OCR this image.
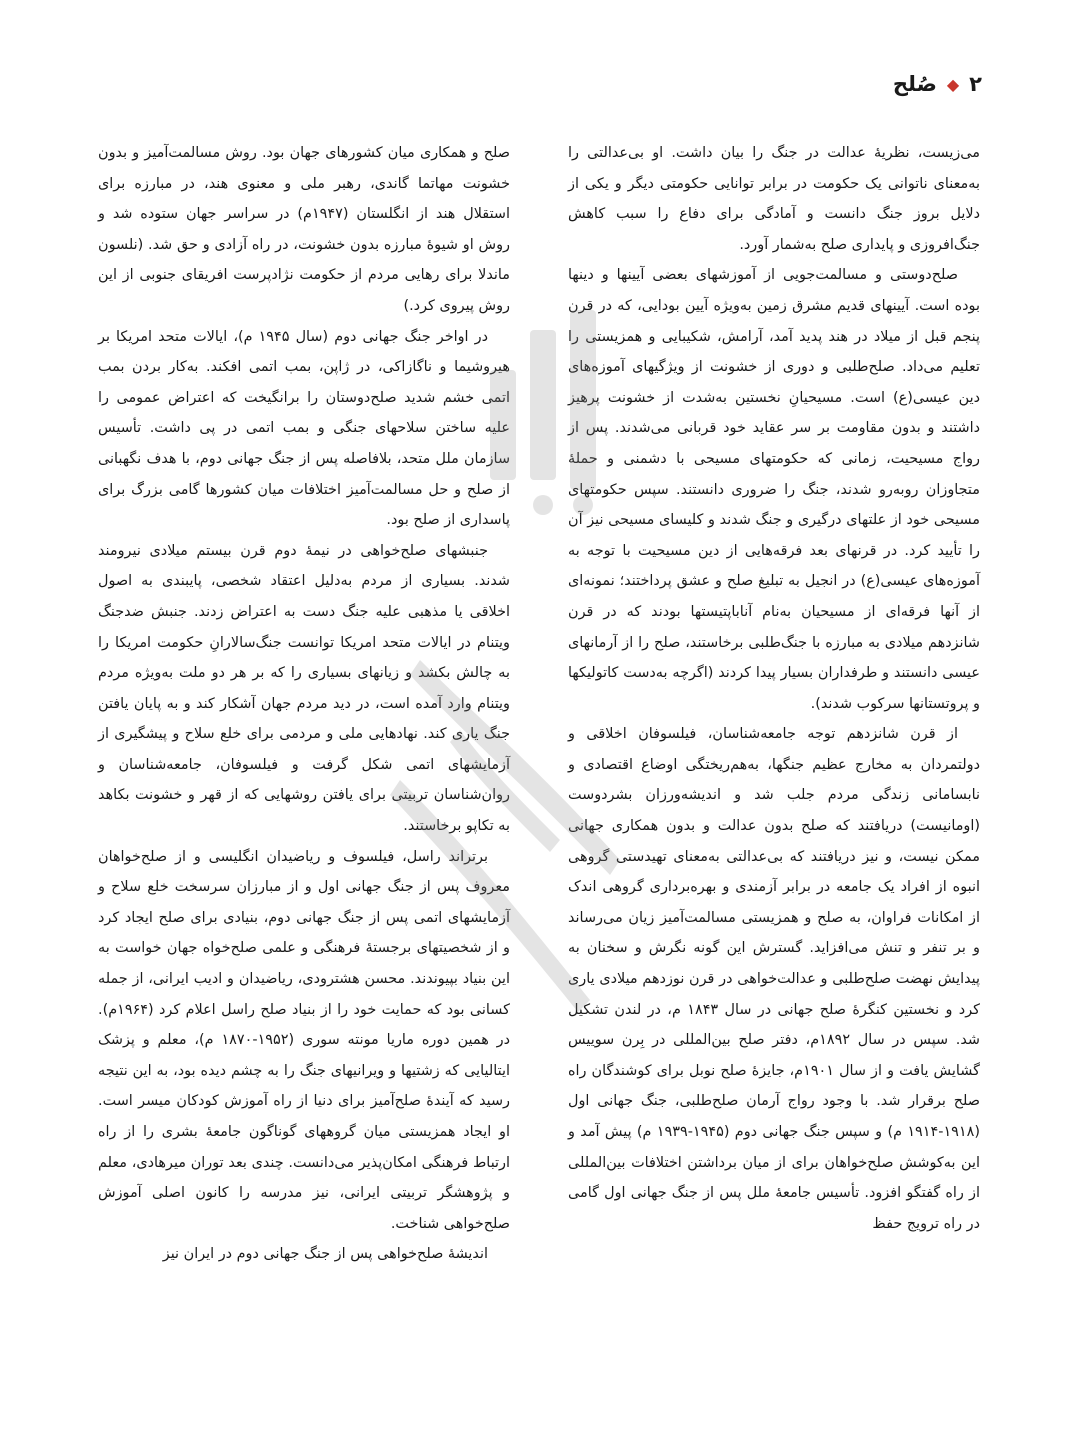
۲
◆
صُلح

می‌زیست، نظریهٔ عدالت در جنگ را بیان داشت. او بی‌عدالتی را به‌معنای ناتوانی یک حکومت در برابر توانایی حکومتی دیگر و یکی از دلایل بروز جنگ دانست و آمادگی برای دفاع را سبب کاهش جنگ‌افروزی و پایداری صلح به‌شمار آورد.

صلح‌دوستی و مسالمت‌جویی از آموزشهای بعضی آیینها و دینها بوده است. آیینهای قدیم مشرق زمین به‌ویژه آیین بودایی، که در قرن پنجم قبل از میلاد در هند پدید آمد، آرامش، شکیبایی و همزیستی را تعلیم می‌داد. صلح‌طلبی و دوری از خشونت از ویژگیهای آموزه‌های دین عیسی(ع) است. مسیحیانِ نخستین به‌شدت از خشونت پرهیز داشتند و بدون مقاومت بر سر عقاید خود قربانی می‌شدند. پس از رواج مسیحیت، زمانی که حکومتهای مسیحی با دشمنی و حملهٔ متجاوزان روبه‌رو شدند، جنگ را ضروری دانستند. سپس حکومتهای مسیحی خود از علتهای درگیری و جنگ شدند و کلیسای مسیحی نیز آن را تأیید کرد. در قرنهای بعد فرقه‌هایی از دین مسیحیت با توجه به آموزه‌های عیسی(ع) در انجیل به تبلیغ صلح و عشق پرداختند؛ نمونه‌ای از آنها فرقه‌ای از مسیحیان به‌نام آناباپتیستها بودند که در قرن شانزدهم میلادی به مبارزه با جنگ‌طلبی برخاستند، صلح را از آرمانهای عیسی دانستند و طرفداران بسیار پیدا کردند (اگرچه به‌دست کاتولیکها و پروتستانها سرکوب شدند).

از قرن شانزدهم توجه جامعه‌شناسان، فیلسوفان اخلاقی و دولتمردان به مخارج عظیم جنگها، به‌هم‌ریختگی اوضاع اقتصادی و نابسامانی زندگی مردم جلب شد و اندیشه‌ورزان بشردوست (اومانیست) دریافتند که صلح بدون عدالت و بدون همکاری جهانی ممکن نیست، و نیز دریافتند که بی‌عدالتی به‌معنای تهیدستی گروهی انبوه از افراد یک جامعه در برابر آزمندی و بهره‌برداری گروهی اندک از امکانات فراوان، به صلح و همزیستی مسالمت‌آمیز زیان می‌رساند و بر تنفر و تنش می‌افزاید. گسترش این گونه نگرش و سخنان به پیدایش نهضت صلح‌طلبی و عدالت‌خواهی در قرن نوزدهم میلادی یاری کرد و نخستین کنگرهٔ صلح جهانی در سال ۱۸۴۳ م، در لندن تشکیل شد. سپس در سال ۱۸۹۲م، دفتر صلح بین‌المللی در بِرن سوییس گشایش یافت و از سال ۱۹۰۱م، جایزهٔ صلح نوبل برای کوشندگان راه صلح برقرار شد. با وجود رواج آرمان صلح‌طلبی، جنگ جهانی اول (۱۹۱۸-۱۹۱۴ م) و سپس جنگ جهانی دوم (۱۹۴۵-۱۹۳۹ م) پیش آمد و این به‌کوشش صلح‌خواهان برای از میان برداشتن اختلافات بین‌المللی از راه گفتگو افزود. تأسیس جامعهٔ ملل پس از جنگ جهانی اول گامی در راه ترویج حفظ

صلح و همکاری میان کشورهای جهان بود. روش مسالمت‌آمیز و بدون خشونت مهاتما گاندی، رهبر ملی و معنوی هند، در مبارزه برای استقلال هند از انگلستان (۱۹۴۷م) در سراسر جهان ستوده شد و روش او شیوهٔ مبارزه بدون خشونت، در راه آزادی و حق شد. (نلسون ماندلا برای رهایی مردم از حکومت نژادپرست افریقای جنوبی از این روش پیروی کرد.)

در اواخر جنگ جهانی دوم (سال ۱۹۴۵ م)، ایالات متحد امریکا بر هیروشیما و ناگازاکی، در ژاپن، بمب اتمی افکند. به‌کار بردن بمب اتمی خشم شدید صلح‌دوستان را برانگیخت که اعتراض عمومی را علیه ساختن سلاحهای جنگی و بمب اتمی در پی داشت. تأسیس سازمان ملل متحد، بلافاصله پس از جنگ جهانی دوم، با هدف نگهبانی از صلح و حل مسالمت‌آمیز اختلافات میان کشورها گامی بزرگ برای پاسداری از صلح بود.

جنبشهای صلح‌خواهی در نیمهٔ دوم قرن بیستم میلادی نیرومند شدند. بسیاری از مردم به‌دلیل اعتقاد شخصی، پایبندی به اصول اخلاقی یا مذهبی علیه جنگ دست به اعتراض زدند. جنبش ضدجنگ ویتنام در ایالات متحد امریکا توانست جنگ‌سالارانِ حکومت امریکا را به چالش بکشد و زیانهای بسیاری را که بر هر دو ملت به‌ویژه مردم ویتنام وارد آمده است، در دید مردم جهان آشکار کند و به پایان یافتن جنگ یاری کند. نهادهایی ملی و مردمی برای خلع سلاح و پیشگیری از آزمایشهای اتمی شکل گرفت و فیلسوفان، جامعه‌شناسان و روان‌شناسان تربیتی برای یافتن روشهایی که از قهر و خشونت بکاهد به تکاپو برخاستند.

برتراند راسل، فیلسوف و ریاضیدان انگلیسی و از صلح‌خواهان معروف پس از جنگ جهانی اول و از مبارزان سرسخت خلع سلاح و آزمایشهای اتمی پس از جنگ جهانی دوم، بنیادی برای صلح ایجاد کرد و از شخصیتهای برجستهٔ فرهنگی و علمی صلح‌خواه جهان خواست به این بنیاد بپیوندند. محسن هشترودی، ریاضیدان و ادیب ایرانی، از جمله کسانی بود که حمایت خود را از بنیاد صلح راسل اعلام کرد (۱۹۶۴م). در همین دوره ماریا مونته سوری (۱۹۵۲-۱۸۷۰ م)، معلم و پزشک ایتالیایی که زشتیها و ویرانیهای جنگ را به چشم دیده بود، به این نتیجه رسید که آیندهٔ صلح‌آمیز برای دنیا از راه آموزش کودکان میسر است. او ایجاد همزیستی میان گروههای گوناگون جامعهٔ بشری را از راه ارتباط فرهنگی امکان‌پذیر می‌دانست. چندی بعد توران میرهادی، معلم و پژوهشگر تربیتی ایرانی، نیز مدرسه را کانون اصلی آموزش صلح‌خواهی شناخت.

اندیشهٔ صلح‌خواهی پس از جنگ جهانی دوم در ایران نیز
